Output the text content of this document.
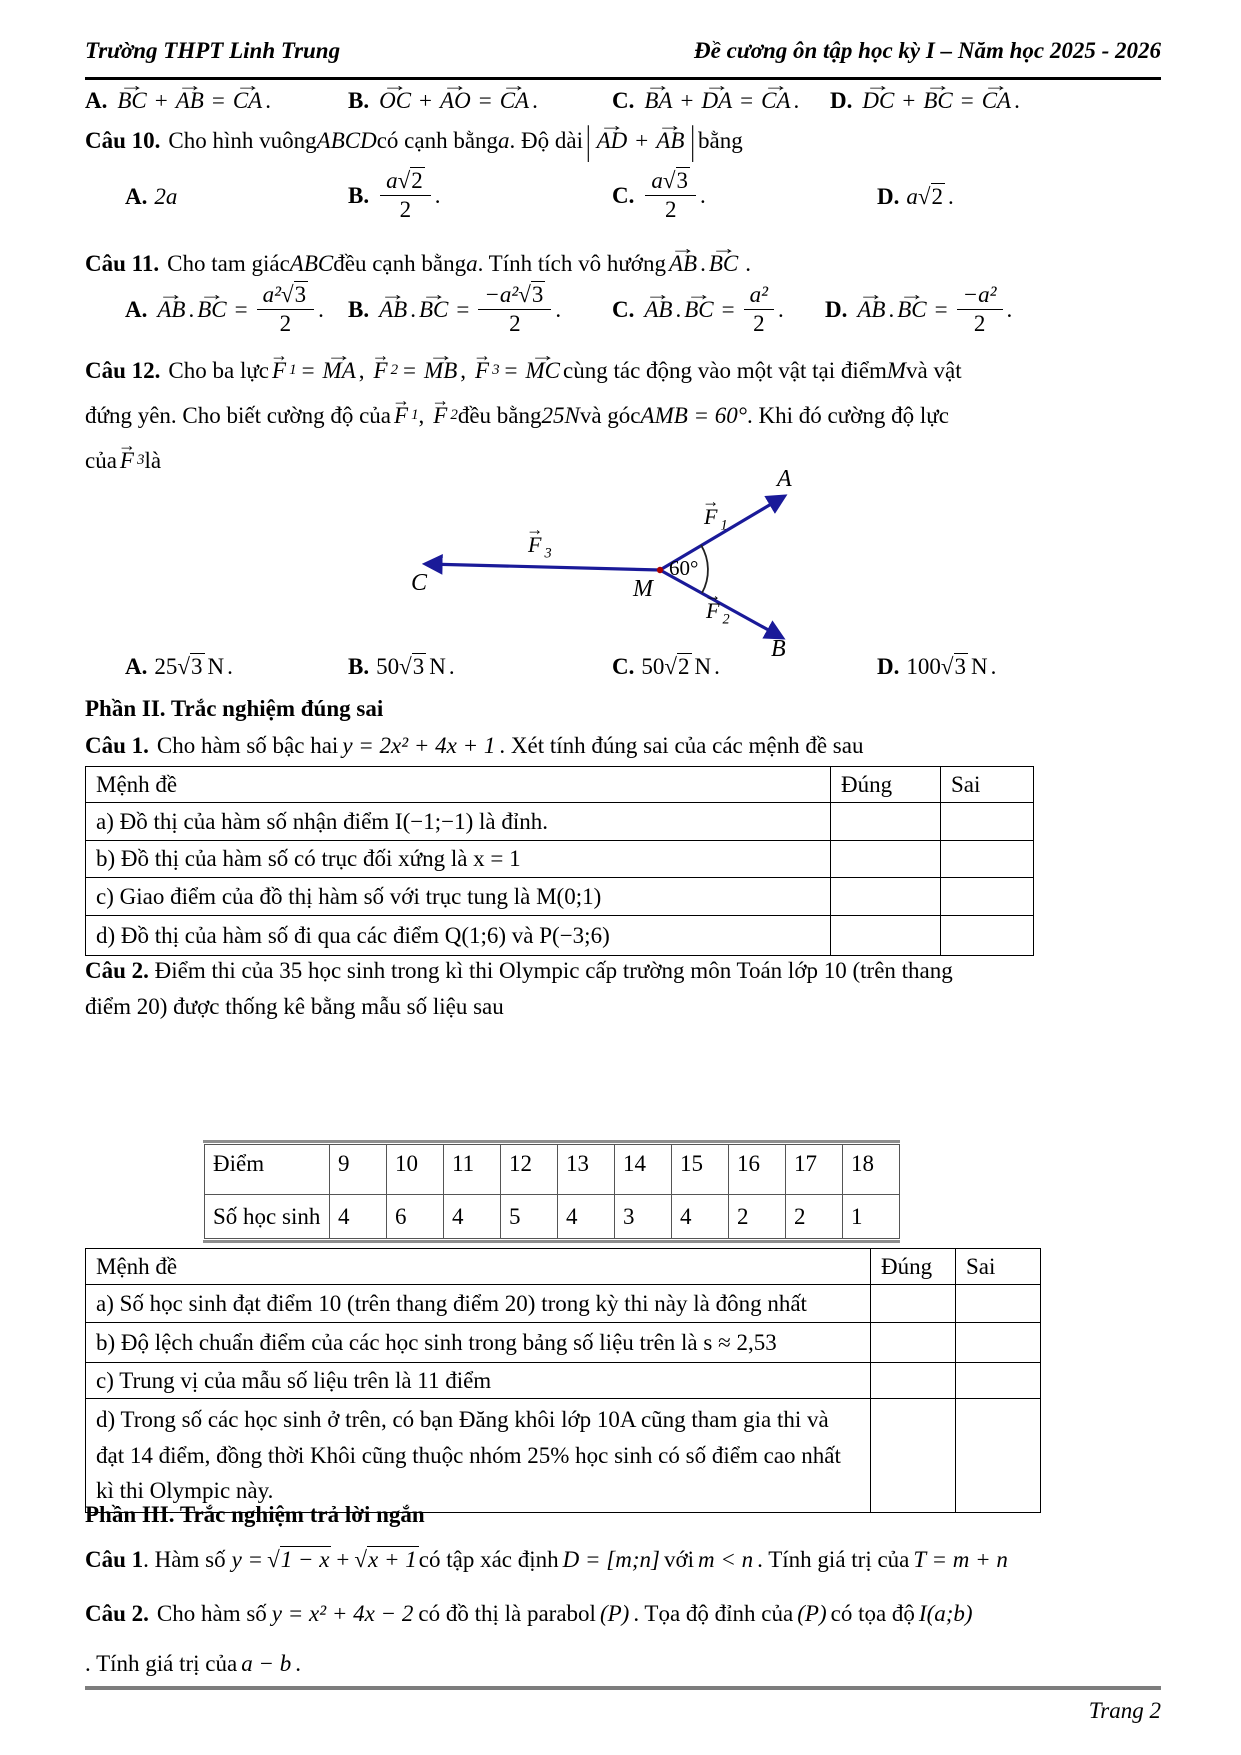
Trường THPT Linh Trung	Đề cương ôn tập học kỳ I – Năm học 2025 - 2026
A. BC → + AB → = CA → .	B. OC → + AO → = CA → .	C. BA → + DA → = CA → . D. DC → + BC → = CA → .
Câu 10. Cho hình vuông ABCD có cạnh bằng a . Độ dài | AD → + AB → | bằng
A. 2a	B. $\frac{a√2}{2}$ .	C. $\frac{a√3}{2}$ .	D. a √2 .
Câu 11. Cho tam giác ABC đều cạnh bằng a . Tính tích vô hướng AB → . BC → .
A. AB → . BC → = $\frac{\text{a²√3}}{2}$ . B. AB → . BC → = $\frac{\text{−a²√3}}{2}$ . C. AB → . BC → = $\frac{\text{a²}}{2}$ . D. AB → . BC → = $\frac{\text{−a²}}{2}$ .
Câu 12. Cho ba lực F → 1 = MA → , F → 2 = MB → , F → 3 = MC → cùng tác động vào một vật tại điểm M và vật
đứng yên. Cho biết cường độ của F → 1 , F → 2 đều bằng 25N và góc AMB = 60° . Khi đó cường độ lực
của F → 3 là
A
B
C	M
60°
F → $_1$
F → $_2$
F → $_3$
A. 25 √3 N .	B. 50 √3 N .	C. 50 √2 N .	D. 100 √3 N .
Phần II. Trắc nghiệm đúng sai
Câu 1. Cho hàm số bậc hai y = 2x² + 4x + 1 . Xét tính đúng sai của các mệnh đề sau
Mệnh đề	Đúng	Sai
a) Đồ thị của hàm số nhận điểm I(−1;−1) là đỉnh.		
b) Đồ thị của hàm số có trục đối xứng là x = 1		
c) Giao điểm của đồ thị hàm số với trục tung là M(0;1)		
d) Đồ thị của hàm số đi qua các điểm Q(1;6) và P(−3;6)		
Câu 2. Điểm thi của 35 học sinh trong kì thi Olympic cấp trường môn Toán lớp 10 (trên thang
điểm 20) được thống kê bằng mẫu số liệu sau
Điểm	9	10	11	12	13	14	15	16	17	18
Số học sinh	4	6	4	5	4	3	4	2	2	1
Mệnh đề	Đúng	Sai
a) Số học sinh đạt điểm 10 (trên thang điểm 20) trong kỳ thi này là đông nhất		
b) Độ lệch chuẩn điểm của các học sinh trong bảng số liệu trên là s ≈ 2,53		
c) Trung vị của mẫu số liệu trên là 11 điểm		
d) Trong số các học sinh ở trên, có bạn Đăng khôi lớp 10A cũng tham gia thi và đạt 14 điểm, đồng thời Khôi cũng thuộc nhóm 25% học sinh có số điểm cao nhất kì thi Olympic này.		
Phần III. Trắc nghiệm trả lời ngắn
Câu 1 . Hàm số y = √1 − x + √x + 1 có tập xác định D = [m;n] với m < n . Tính giá trị của T = m + n
Câu 2. Cho hàm số y = x² + 4x − 2 có đồ thị là parabol (P) . Tọa độ đỉnh của (P) có tọa độ I(a;b)
. Tính giá trị của a − b .
Trang 2
